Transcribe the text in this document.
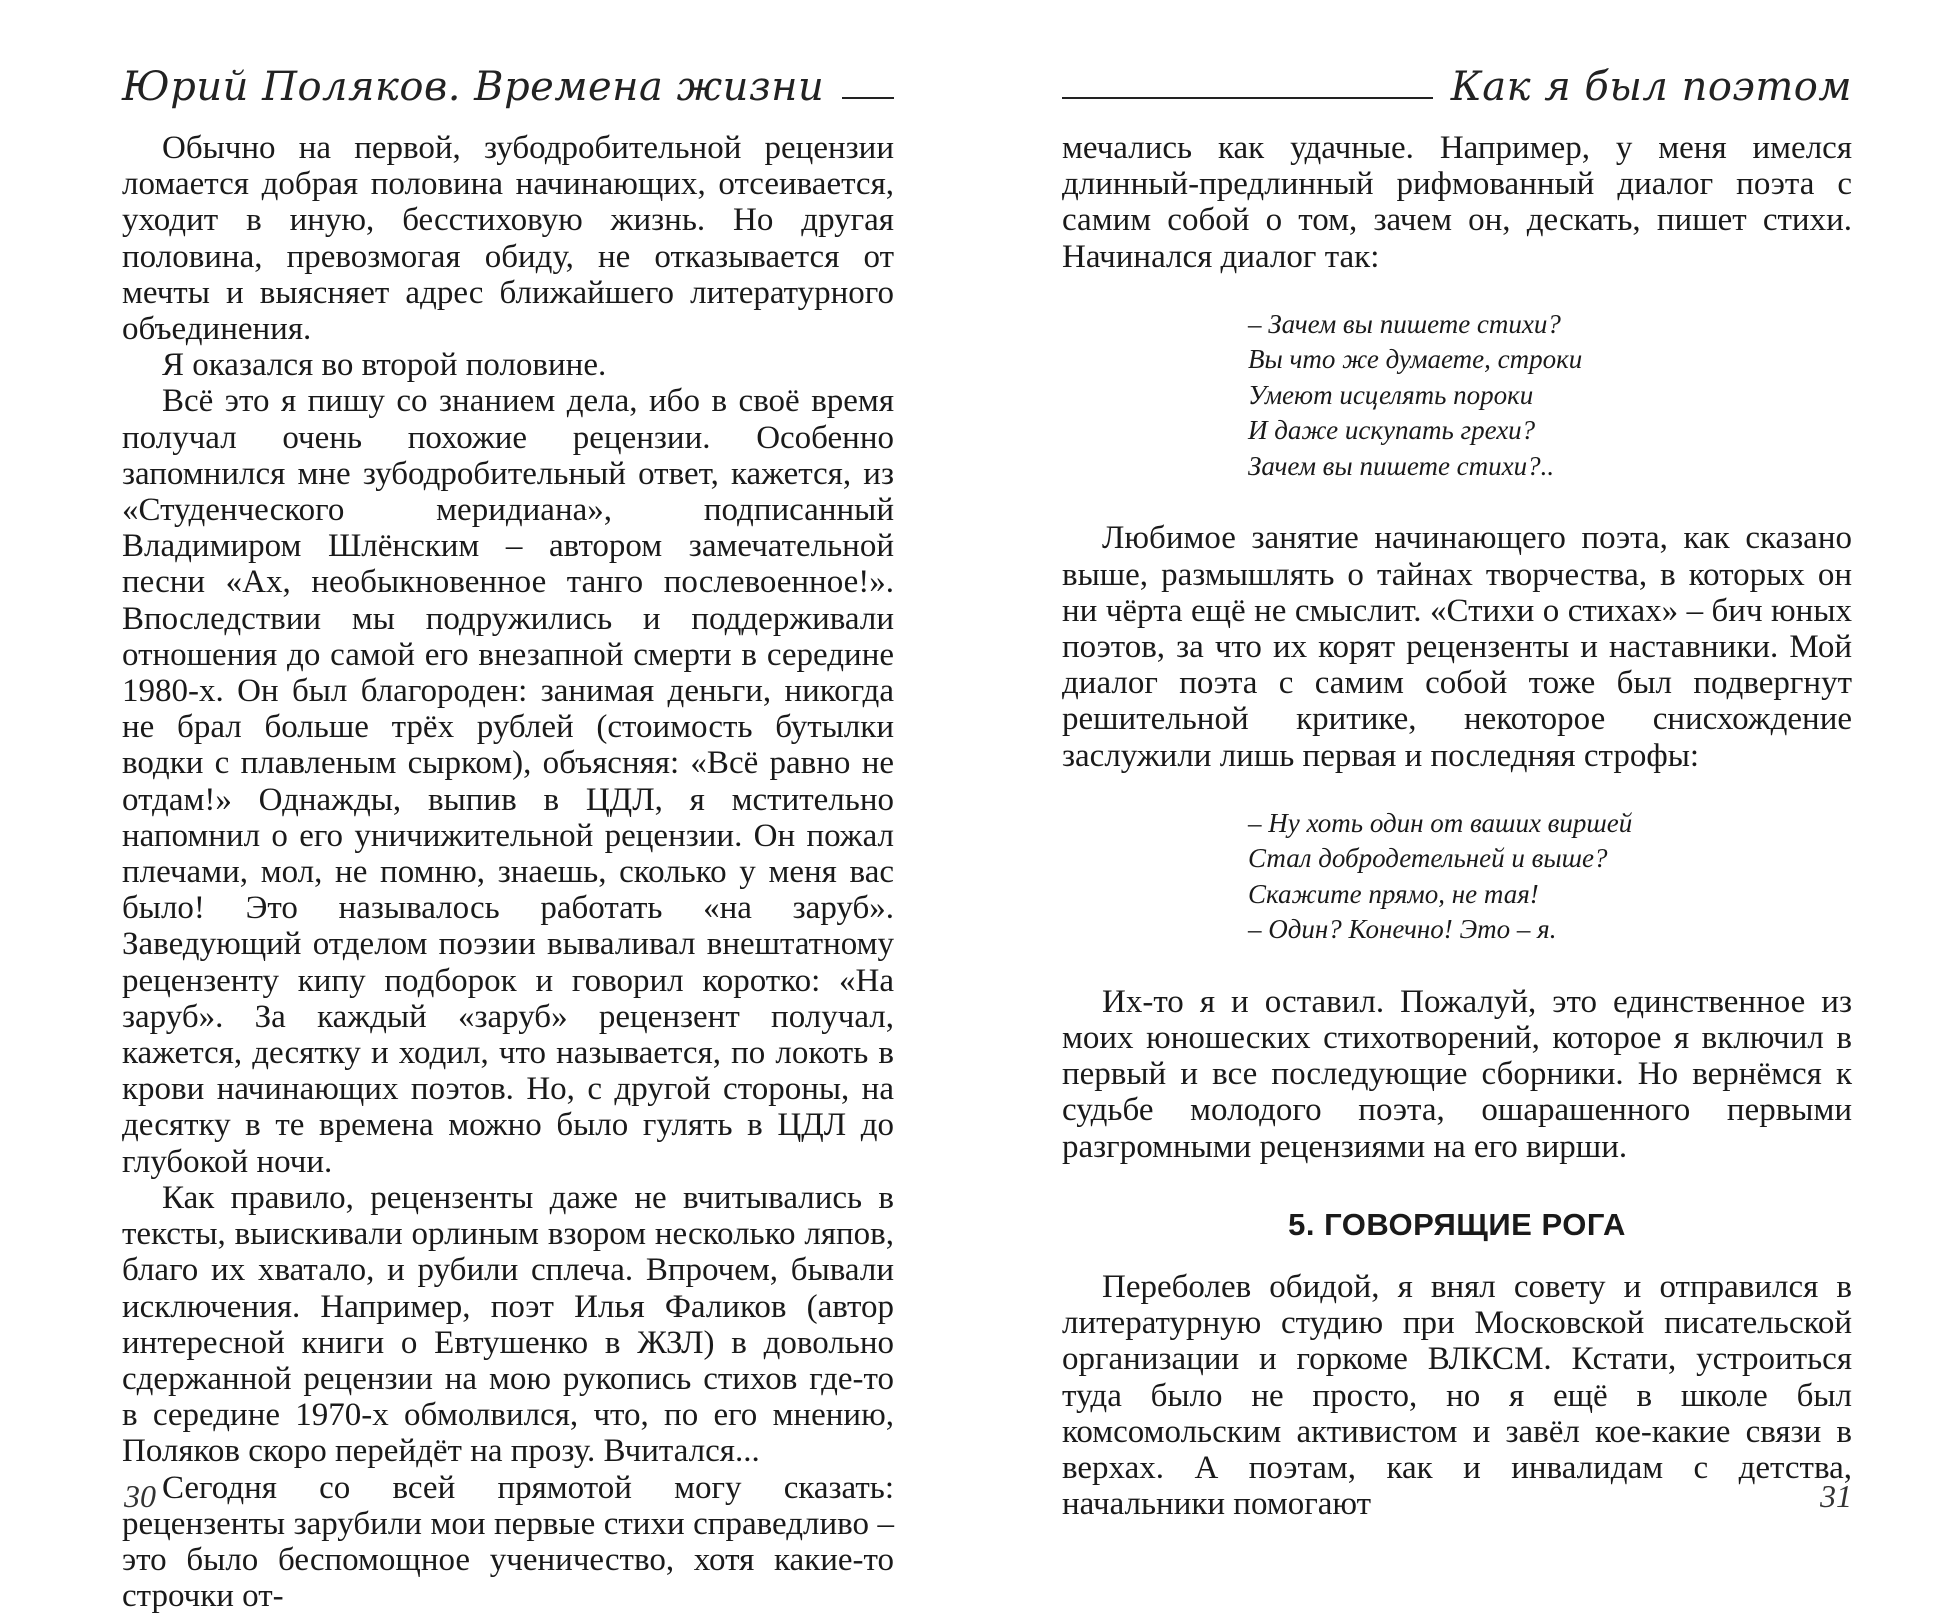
Юрий Поляков. Времена жизни

Обычно на первой, зубодробительной рецензии ломается добрая половина начинающих, отсеивается, уходит в иную, бесстиховую жизнь. Но другая половина, превозмогая обиду, не отказывается от мечты и выясняет адрес ближайшего литературного объединения.

Я оказался во второй половине.

Всё это я пишу со знанием дела, ибо в своё время получал очень похожие рецензии. Особенно запомнился мне зубодробительный ответ, кажется, из «Студенческого меридиана», подписанный Владимиром Шлёнским – автором замечательной песни «Ах, необыкновенное танго послевоенное!». Впоследствии мы подружились и поддерживали отношения до самой его внезапной смерти в середине 1980-х. Он был благороден: занимая деньги, никогда не брал больше трёх рублей (стоимость бутылки водки с плавленым сырком), объясняя: «Всё равно не отдам!» Однажды, выпив в ЦДЛ, я мстительно напомнил о его уничижительной рецензии. Он пожал плечами, мол, не помню, знаешь, сколько у меня вас было! Это называлось работать «на заруб». Заведующий отделом поэзии вываливал внештатному рецензенту кипу подборок и говорил коротко: «На заруб». За каждый «заруб» рецензент получал, кажется, десятку и ходил, что называется, по локоть в крови начинающих поэтов. Но, с другой стороны, на десятку в те времена можно было гулять в ЦДЛ до глубокой ночи.

Как правило, рецензенты даже не вчитывались в тексты, выискивали орлиным взором несколько ляпов, благо их хватало, и рубили сплеча. Впрочем, бывали исключения. Например, поэт Илья Фаликов (автор интересной книги о Евтушенко в ЖЗЛ) в довольно сдержанной рецензии на мою рукопись стихов где-то в середине 1970-х обмолвился, что, по его мнению, Поляков скоро перейдёт на прозу. Вчитался...

Сегодня со всей прямотой могу сказать: рецензенты зарубили мои первые стихи справедливо – это было беспомощное ученичество, хотя какие-то строчки от-

30
Как я был поэтом

мечались как удачные. Например, у меня имелся длинный-предлинный рифмованный диалог поэта с самим собой о том, зачем он, дескать, пишет стихи. Начинался диалог так:

– Зачем вы пишете стихи?
Вы что же думаете, строки
Умеют исцелять пороки
И даже искупать грехи?
Зачем вы пишете стихи?..

Любимое занятие начинающего поэта, как сказано выше, размышлять о тайнах творчества, в которых он ни чёрта ещё не смыслит. «Стихи о стихах» – бич юных поэтов, за что их корят рецензенты и наставники. Мой диалог поэта с самим собой тоже был подвергнут решительной критике, некоторое снисхождение заслужили лишь первая и последняя строфы:

– Ну хоть один от ваших виршей
Стал добродетельней и выше?
Скажите прямо, не тая!
– Один? Конечно! Это – я.

Их-то я и оставил. Пожалуй, это единственное из моих юношеских стихотворений, которое я включил в первый и все последующие сборники. Но вернёмся к судьбе молодого поэта, ошарашенного первыми разгромными рецензиями на его вирши.

5. ГОВОРЯЩИЕ РОГА

Переболев обидой, я внял совету и отправился в литературную студию при Московской писательской организации и горкоме ВЛКСМ. Кстати, устроиться туда было не просто, но я ещё в школе был комсомольским активистом и завёл кое-какие связи в верхах. А поэтам, как и инвалидам с детства, начальники помогают	31
